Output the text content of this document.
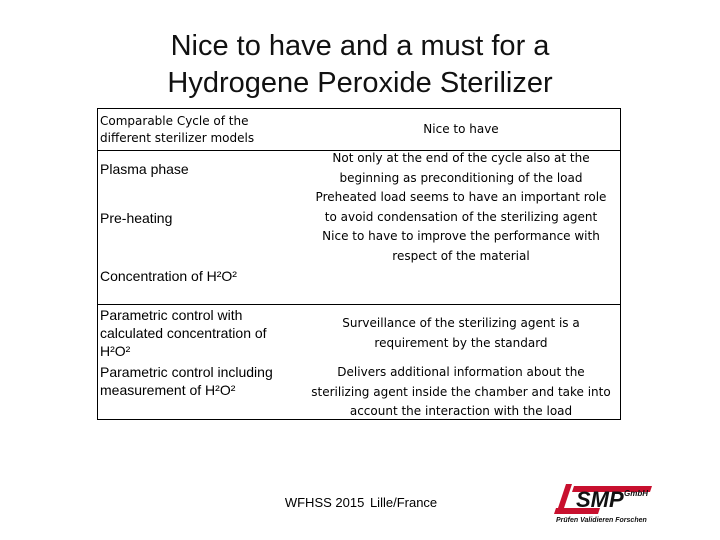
Nice to have and a must for a
Hydrogene Peroxide Sterilizer
Comparable Cycle of the different sterilizer models
Nice to have
Plasma phase
Pre-heating
Concentration of H²O²
Parametric control with calculated concentration of H²O²
Parametric control including measurement of H²O²
Not only at the end of the cycle also at the beginning as preconditioning of the load Preheated load seems to have an important role to avoid condensation of the sterilizing agent Nice to have to improve the performance with respect of the material
Surveillance of the sterilizing agent is a requirement by the standard
Delivers additional information about the sterilizing agent inside the chamber and take into account the interaction with the load
WFHSS 2015 Lille/France	SMP GmbH
Prüfen Validieren Forschen
